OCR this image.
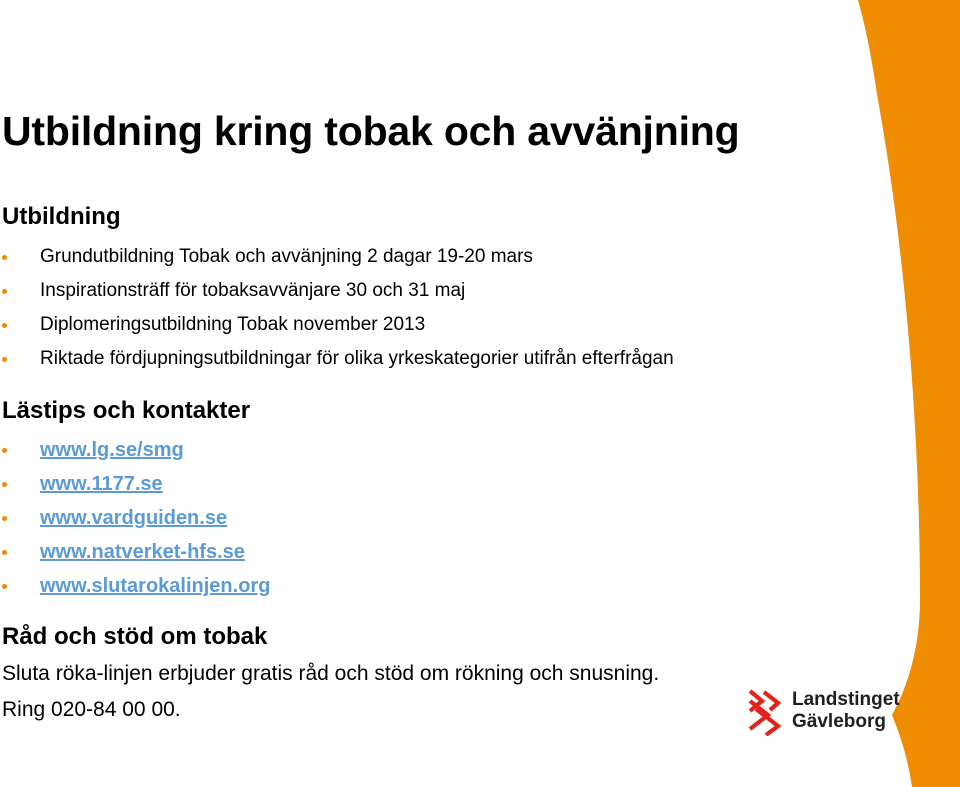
Utbildning kring tobak och avvänjning
Utbildning
Grundutbildning Tobak och avvänjning 2 dagar 19-20 mars
Inspirationsträff för tobaksavvänjare 30 och 31 maj
Diplomeringsutbildning Tobak november 2013
Riktade fördjupningsutbildningar för olika yrkeskategorier utifrån efterfrågan
Lästips och kontakter
www.lg.se/smg
www.1177.se
www.vardguiden.se
www.natverket-hfs.se
www.slutarokalinjen.org
Råd och stöd om tobak

Sluta röka-linjen erbjuder gratis råd och stöd om rökning och snusning.

Ring 020-84 00 00.	Landstinget
Gävleborg
